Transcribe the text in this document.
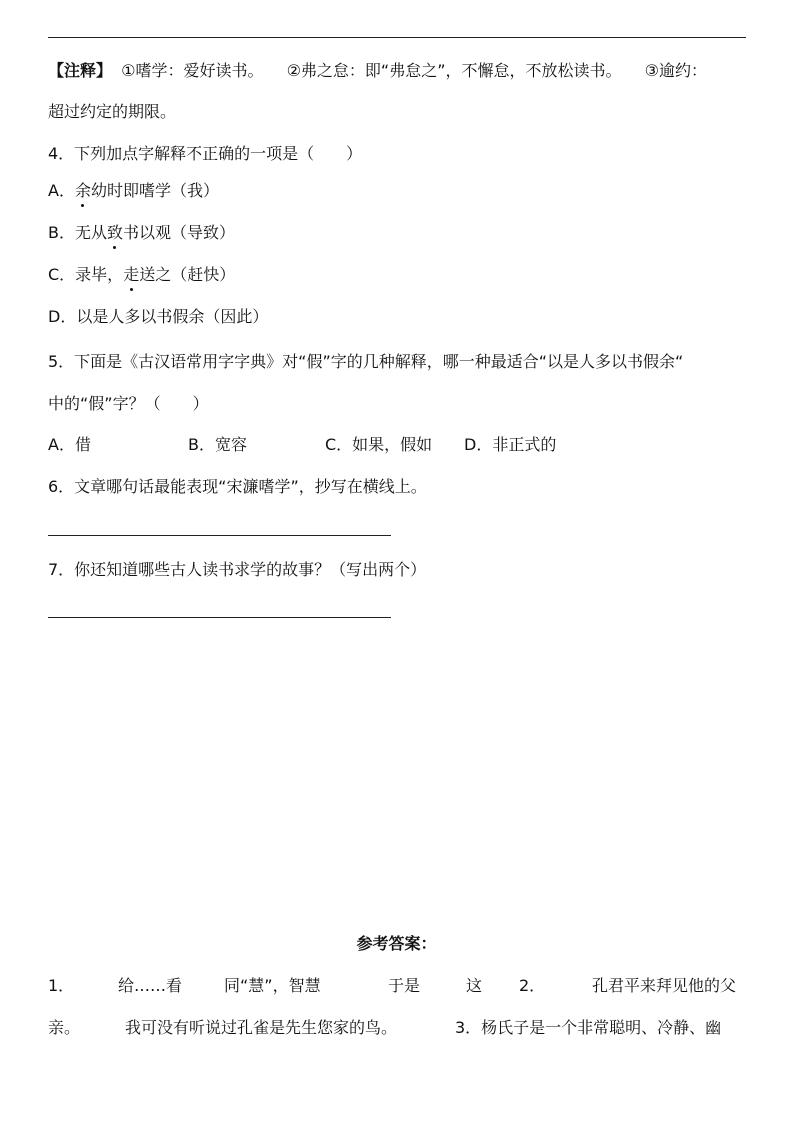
【注释】 ①嗜学：爱好读书。 ②弗之怠：即“弗怠之”，不懈怠，不放松读书。 ③逾约：
超过约定的期限。
4．下列加点字解释不正确的一项是（　　）
A．余幼时即嗜学（我）
B．无从致书以观（导致）
C．录毕，走送之（赶快）
D．以是人多以书假余（因此）
5．下面是《古汉语常用字字典》对“假”字的几种解释，哪一种最适合“以是人多以书假余“
中的“假”字？（　　）
A．借	B．宽容	C．如果，假如 D．非正式的
6．文章哪句话最能表现“宋濂嗜学”，抄写在横线上。
7．你还知道哪些古人读书求学的故事？（写出两个）
参考答案：
1．	给……看	同“慧”，智慧	于是	这 2．	孔君平来拜见他的父
亲。	我可没有听说过孔雀是先生您家的鸟。	3．杨氏子是一个非常聪明、冷静、幽
